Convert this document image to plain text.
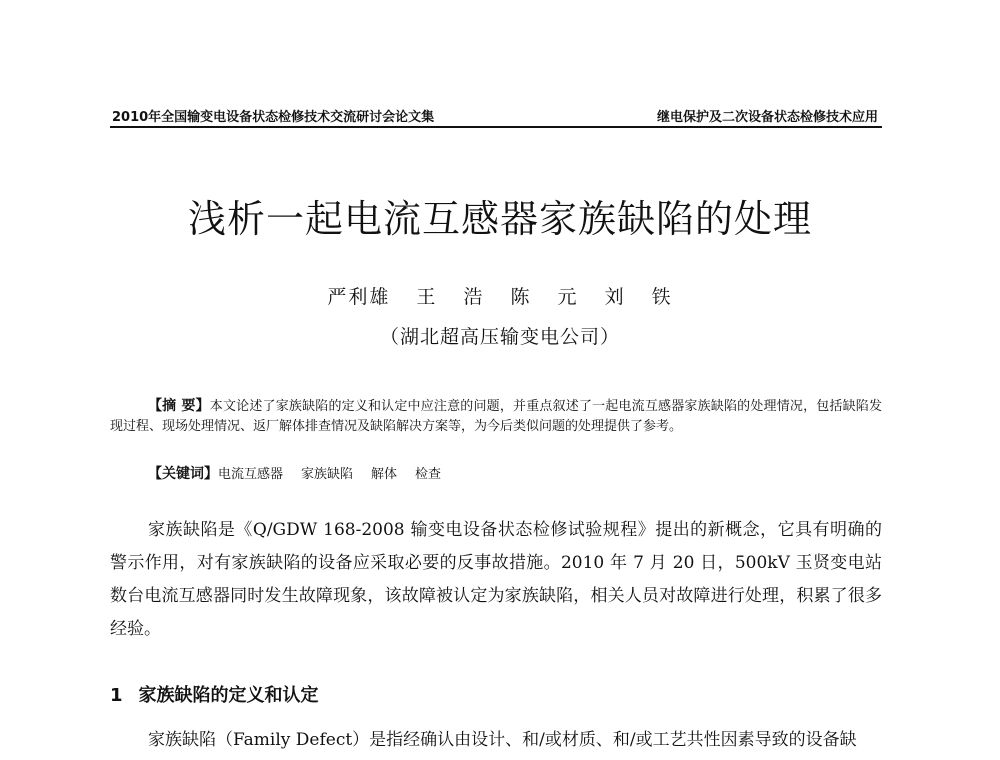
2010年全国输变电设备状态检修技术交流研讨会论文集	继电保护及二次设备状态检修技术应用
浅析一起电流互感器家族缺陷的处理
严利雄 王 浩 陈 元 刘 铁
（湖北超高压输变电公司）
【摘 要】本文论述了家族缺陷的定义和认定中应注意的问题，并重点叙述了一起电流互感器家族缺陷的处理情况，包括缺陷发现过程、现场处理情况、返厂解体排查情况及缺陷解决方案等，为今后类似问题的处理提供了参考。
【关键词】电流互感器 家族缺陷 解体 检查
家族缺陷是《Q/GDW 168-2008 输变电设备状态检修试验规程》提出的新概念，它具有明确的警示作用，对有家族缺陷的设备应采取必要的反事故措施。2010 年 7 月 20 日，500kV 玉贤变电站数台电流互感器同时发生故障现象，该故障被认定为家族缺陷，相关人员对故障进行处理，积累了很多经验。
1 家族缺陷的定义和认定
家族缺陷（Family Defect）是指经确认由设计、和/或材质、和/或工艺共性因素导致的设备缺
